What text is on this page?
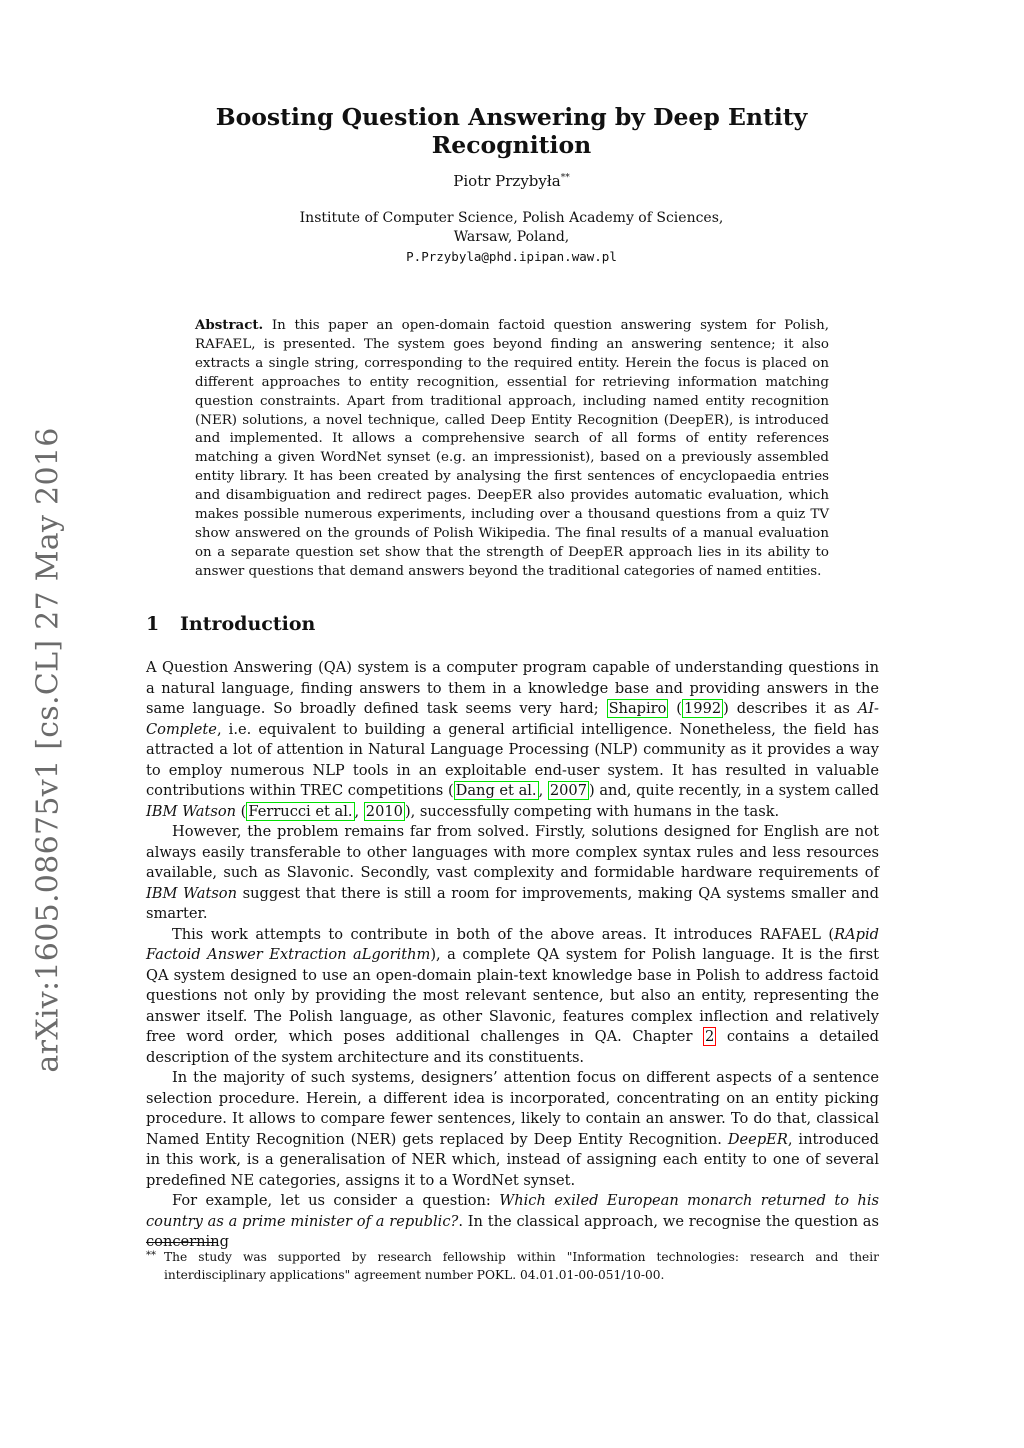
arXiv:1605.08675v1 [cs.CL] 27 May 2016
Boosting Question Answering by Deep Entity Recognition
Piotr Przybyła**
Institute of Computer Science, Polish Academy of Sciences,
Warsaw, Poland,
P.Przybyla@phd.ipipan.waw.pl

Abstract. In this paper an open-domain factoid question answering system for Polish, RAFAEL, is presented. The system goes beyond finding an answering sentence; it also extracts a single string, corresponding to the required entity. Herein the focus is placed on different approaches to entity recognition, essential for retrieving information matching question constraints. Apart from traditional approach, including named entity recognition (NER) solutions, a novel technique, called Deep Entity Recognition (DeepER), is introduced and implemented. It allows a comprehensive search of all forms of entity references matching a given WordNet synset (e.g. an impressionist), based on a previously assembled entity library. It has been created by analysing the first sentences of encyclopaedia entries and disambiguation and redirect pages. DeepER also provides automatic evaluation, which makes possible numerous experiments, including over a thousand questions from a quiz TV show answered on the grounds of Polish Wikipedia. The final results of a manual evaluation on a separate question set show that the strength of DeepER approach lies in its ability to answer questions that demand answers beyond the traditional categories of named entities.

1 Introduction

A Question Answering (QA) system is a computer program capable of understanding questions in a natural language, finding answers to them in a knowledge base and providing answers in the same language. So broadly defined task seems very hard; Shapiro ( 1992 ) describes it as AI-Complete, i.e. equivalent to building a general artificial intelligence. Nonetheless, the field has attracted a lot of attention in Natural Language Processing (NLP) community as it provides a way to employ numerous NLP tools in an exploitable end-user system. It has resulted in valuable contributions within TREC competitions ( Dang et al. , 2007 ) and, quite recently, in a system called IBM Watson ( Ferrucci et al. , 2010 ), successfully competing with humans in the task.

However, the problem remains far from solved. Firstly, solutions designed for English are not always easily transferable to other languages with more complex syntax rules and less resources available, such as Slavonic. Secondly, vast complexity and formidable hardware requirements of IBM Watson suggest that there is still a room for improvements, making QA systems smaller and smarter.

This work attempts to contribute in both of the above areas. It introduces RAFAEL (RApid Factoid Answer Extraction aLgorithm), a complete QA system for Polish language. It is the first QA system designed to use an open-domain plain-text knowledge base in Polish to address factoid questions not only by providing the most relevant sentence, but also an entity, representing the answer itself. The Polish language, as other Slavonic, features complex inflection and relatively free word order, which poses additional challenges in QA. Chapter 2 contains a detailed description of the system architecture and its constituents.

In the majority of such systems, designers’ attention focus on different aspects of a sentence selection procedure. Herein, a different idea is incorporated, concentrating on an entity picking procedure. It allows to compare fewer sentences, likely to contain an answer. To do that, classical Named Entity Recognition (NER) gets replaced by Deep Entity Recognition. DeepER, introduced in this work, is a generalisation of NER which, instead of assigning each entity to one of several predefined NE categories, assigns it to a WordNet synset.

For example, let us consider a question: Which exiled European monarch returned to his country as a prime minister of a republic?. In the classical approach, we recognise the question as concerning

** The study was supported by research fellowship within "Information technologies: research and their interdisciplinary applications" agreement number POKL. 04.01.01-00-051/10-00.
